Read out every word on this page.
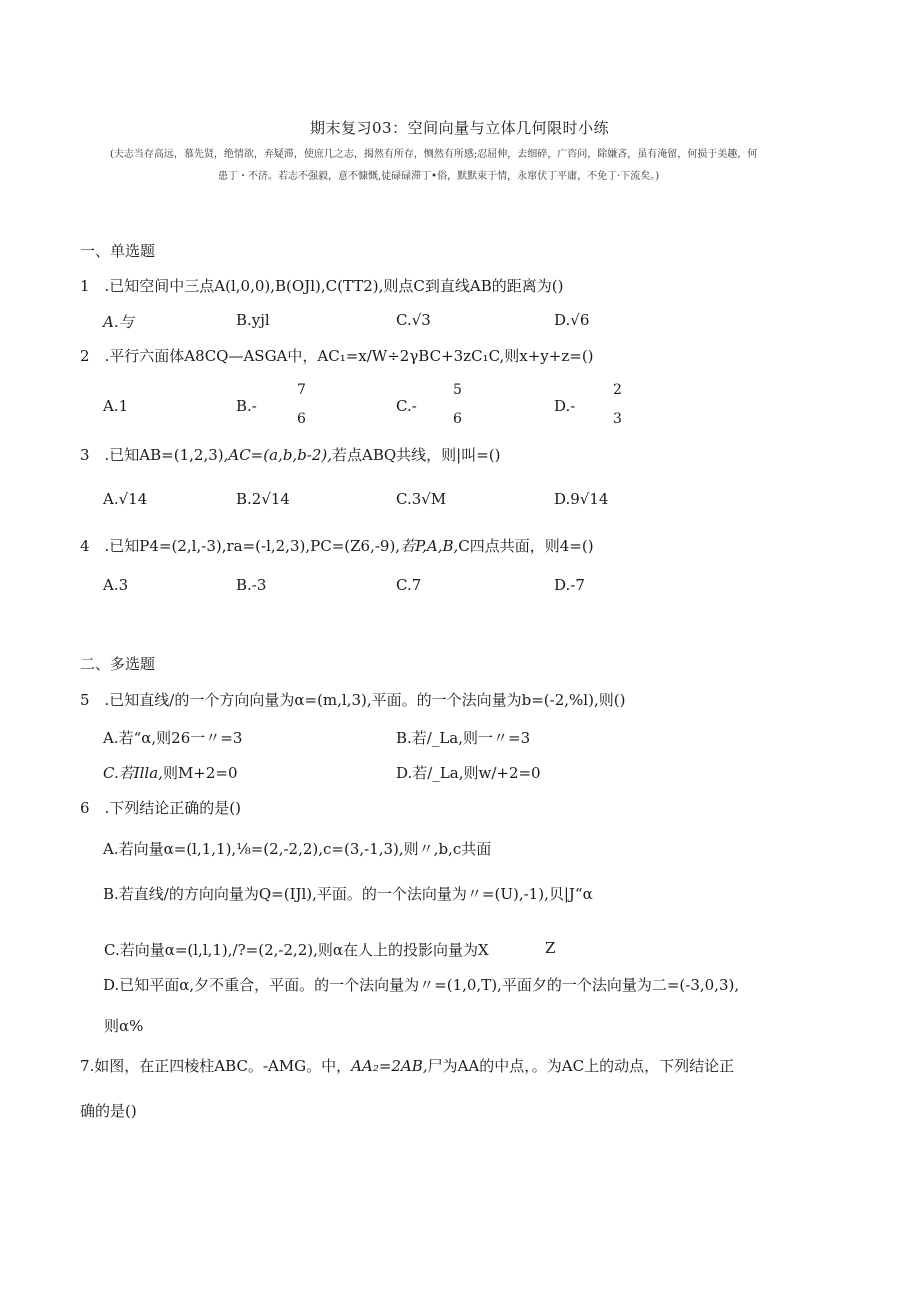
期末复习03：空间向量与立体几何限时小练
(夫志当存高远，慕先贤，绝情欲，弃疑滞，使庶几之志，揭然有所存，恻然有所感;忍屈伸，去细碎，广咨问，除嫌吝，虽有淹留，何损于美趣，何
患丁・不济。若志不强毅，意不慷慨,徒碌碌滞丁•俗，默默束于情，永窜伏丁平庸，不免丁·下流矣。)
一、单选题
1　.已知空间中三点A(l,0,0),B(OJl),C(TT2),则点C到直线AB的距离为()
A.与	B.yjl	C.√3	D.√6
2　.平行六面体A8CQ—ASGA中，AC₁=x/W÷2γBC+3zC₁C,则x+y+z=()
A.1	B.-
7
6
C.-
5
6
D.-
2
3
3　.已知AB=(1,2,3),AC=(a,b,b-2),若点ABQ共线，则|叫=()
A.√14	B.2√14	C.3√M	D.9√14
4　.已知P4=(2,l,-3),ra=(-l,2,3),PC=(Z6,-9),若P,A,B,C四点共面，则4=()
A.3	B.-3	C.7	D.-7
二、多选题
5　.已知直线/的一个方向向量为α=(m,l,3),平面。的一个法向量为b=(-2,%l),则()
A.若“α,则26一〃=3	B.若/_La,则一〃=3
C.若Illa,则M+2=0	D.若/_La,则w/+2=0
6　.下列结论正确的是()
A.若向量α=(l,1,1),⅛=(2,-2,2),c=(3,-1,3),则〃,b,c共面
B.若直线/的方向向量为Q=(IJl),平面。的一个法向量为〃=(U),-1),贝|J“α
C.若向量α=(l,l,1),/?=(2,-2,2),则α在人上的投影向量为X	Z
D.已知平面α,夕不重合，平面。的一个法向量为〃=(1,0,T),平面夕的一个法向量为二=(-3,0,3),
则α%
7.如图，在正四棱柱ABC。-AMG。中，AA₂=2AB,尸为AA的中点，。为AC上的动点，下列结论正
确的是()
